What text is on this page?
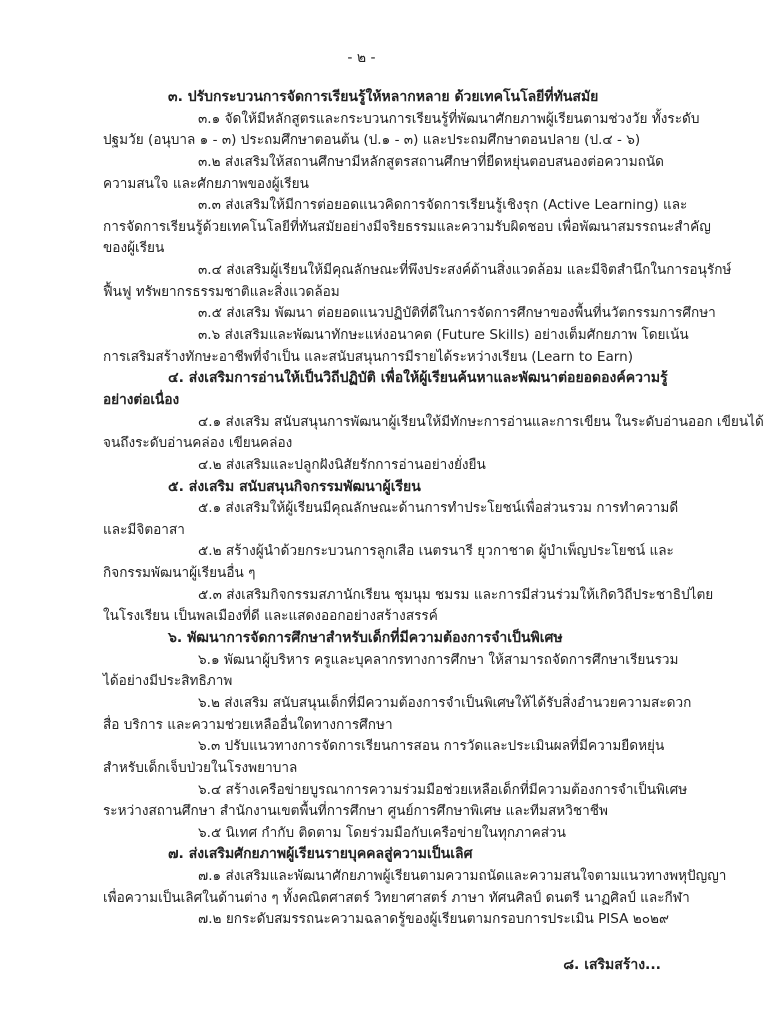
- ๒ -
๓. ปรับกระบวนการจัดการเรียนรู้ให้หลากหลาย ด้วยเทคโนโลยีที่ทันสมัย
๓.๑ จัดให้มีหลักสูตรและกระบวนการเรียนรู้ที่พัฒนาศักยภาพผู้เรียนตามช่วงวัย ทั้งระดับ
ปฐมวัย (อนุบาล ๑ - ๓) ประถมศึกษาตอนต้น (ป.๑ - ๓) และประถมศึกษาตอนปลาย (ป.๔ - ๖)
๓.๒ ส่งเสริมให้สถานศึกษามีหลักสูตรสถานศึกษาที่ยืดหยุ่นตอบสนองต่อความถนัด
ความสนใจ และศักยภาพของผู้เรียน
๓.๓ ส่งเสริมให้มีการต่อยอดแนวคิดการจัดการเรียนรู้เชิงรุก (Active Learning) และ
การจัดการเรียนรู้ด้วยเทคโนโลยีที่ทันสมัยอย่างมีจริยธรรมและความรับผิดชอบ เพื่อพัฒนาสมรรถนะสำคัญ
ของผู้เรียน
๓.๔ ส่งเสริมผู้เรียนให้มีคุณลักษณะที่พึงประสงค์ด้านสิ่งแวดล้อม และมีจิตสำนึกในการอนุรักษ์
ฟื้นฟู ทรัพยากรธรรมชาติและสิ่งแวดล้อม
๓.๕ ส่งเสริม พัฒนา ต่อยอดแนวปฏิบัติที่ดีในการจัดการศึกษาของพื้นที่นวัตกรรมการศึกษา
๓.๖ ส่งเสริมและพัฒนาทักษะแห่งอนาคต (Future Skills) อย่างเต็มศักยภาพ โดยเน้น
การเสริมสร้างทักษะอาชีพที่จำเป็น และสนับสนุนการมีรายได้ระหว่างเรียน (Learn to Earn)
๔. ส่งเสริมการอ่านให้เป็นวิถีปฏิบัติ เพื่อให้ผู้เรียนค้นหาและพัฒนาต่อยอดองค์ความรู้
อย่างต่อเนื่อง
๔.๑ ส่งเสริม สนับสนุนการพัฒนาผู้เรียนให้มีทักษะการอ่านและการเขียน ในระดับอ่านออก เขียนได้
จนถึงระดับอ่านคล่อง เขียนคล่อง
๔.๒ ส่งเสริมและปลูกฝังนิสัยรักการอ่านอย่างยั่งยืน
๕. ส่งเสริม สนับสนุนกิจกรรมพัฒนาผู้เรียน
๕.๑ ส่งเสริมให้ผู้เรียนมีคุณลักษณะด้านการทำประโยชน์เพื่อส่วนรวม การทำความดี
และมีจิตอาสา
๕.๒ สร้างผู้นำด้วยกระบวนการลูกเสือ เนตรนารี ยุวกาชาด ผู้บำเพ็ญประโยชน์ และ
กิจกรรมพัฒนาผู้เรียนอื่น ๆ
๕.๓ ส่งเสริมกิจกรรมสภานักเรียน ชุมนุม ชมรม และการมีส่วนร่วมให้เกิดวิถีประชาธิปไตย
ในโรงเรียน เป็นพลเมืองที่ดี และแสดงออกอย่างสร้างสรรค์
๖. พัฒนาการจัดการศึกษาสำหรับเด็กที่มีความต้องการจำเป็นพิเศษ
๖.๑ พัฒนาผู้บริหาร ครูและบุคลากรทางการศึกษา ให้สามารถจัดการศึกษาเรียนรวม
ได้อย่างมีประสิทธิภาพ
๖.๒ ส่งเสริม สนับสนุนเด็กที่มีความต้องการจำเป็นพิเศษให้ได้รับสิ่งอำนวยความสะดวก
สื่อ บริการ และความช่วยเหลืออื่นใดทางการศึกษา
๖.๓ ปรับแนวทางการจัดการเรียนการสอน การวัดและประเมินผลที่มีความยืดหยุ่น
สำหรับเด็กเจ็บป่วยในโรงพยาบาล
๖.๔ สร้างเครือข่ายบูรณาการความร่วมมือช่วยเหลือเด็กที่มีความต้องการจำเป็นพิเศษ
ระหว่างสถานศึกษา สำนักงานเขตพื้นที่การศึกษา ศูนย์การศึกษาพิเศษ และทีมสหวิชาชีพ
๖.๕ นิเทศ กำกับ ติดตาม โดยร่วมมือกับเครือข่ายในทุกภาคส่วน
๗. ส่งเสริมศักยภาพผู้เรียนรายบุคคลสู่ความเป็นเลิศ
๗.๑ ส่งเสริมและพัฒนาศักยภาพผู้เรียนตามความถนัดและความสนใจตามแนวทางพหุปัญญา
เพื่อความเป็นเลิศในด้านต่าง ๆ ทั้งคณิตศาสตร์ วิทยาศาสตร์ ภาษา ทัศนศิลป์ ดนตรี นาฏศิลป์ และกีฬา
๗.๒ ยกระดับสมรรถนะความฉลาดรู้ของผู้เรียนตามกรอบการประเมิน PISA ๒๐๒๙
๘. เสริมสร้าง...
